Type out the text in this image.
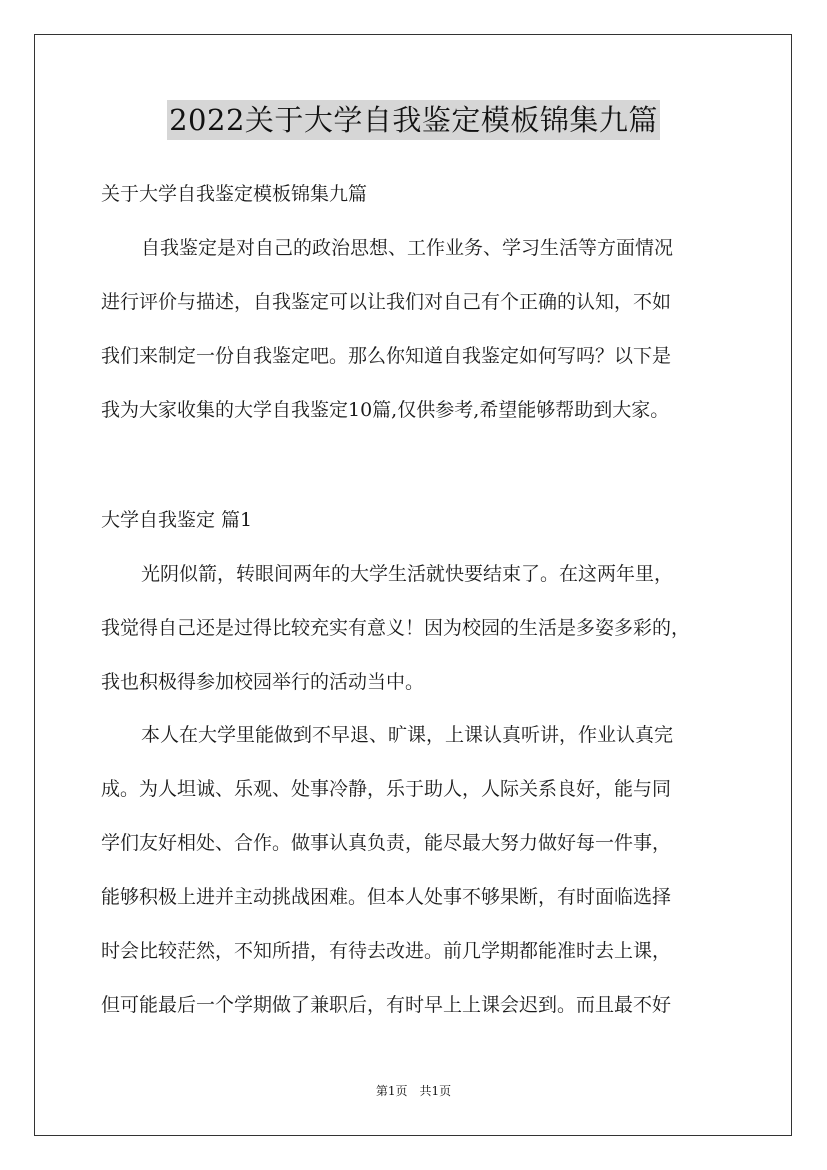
2022关于大学自我鉴定模板锦集九篇
关于大学自我鉴定模板锦集九篇
自我鉴定是对自己的政治思想、工作业务、学习生活等方面情况
进行评价与描述，自我鉴定可以让我们对自己有个正确的认知，不如
我们来制定一份自我鉴定吧。那么你知道自我鉴定如何写吗？以下是
我为大家收集的大学自我鉴定10篇,仅供参考,希望能够帮助到大家。
大学自我鉴定 篇1
光阴似箭，转眼间两年的大学生活就快要结束了。在这两年里，
我觉得自己还是过得比较充实有意义！因为校园的生活是多姿多彩的，
我也积极得参加校园举行的活动当中。
本人在大学里能做到不早退、旷课，上课认真听讲，作业认真完
成。为人坦诚、乐观、处事冷静，乐于助人，人际关系良好，能与同
学们友好相处、合作。做事认真负责，能尽最大努力做好每一件事，
能够积极上进并主动挑战困难。但本人处事不够果断，有时面临选择
时会比较茫然，不知所措，有待去改进。前几学期都能准时去上课，
但可能最后一个学期做了兼职后，有时早上上课会迟到。而且最不好
第1页　共1页
